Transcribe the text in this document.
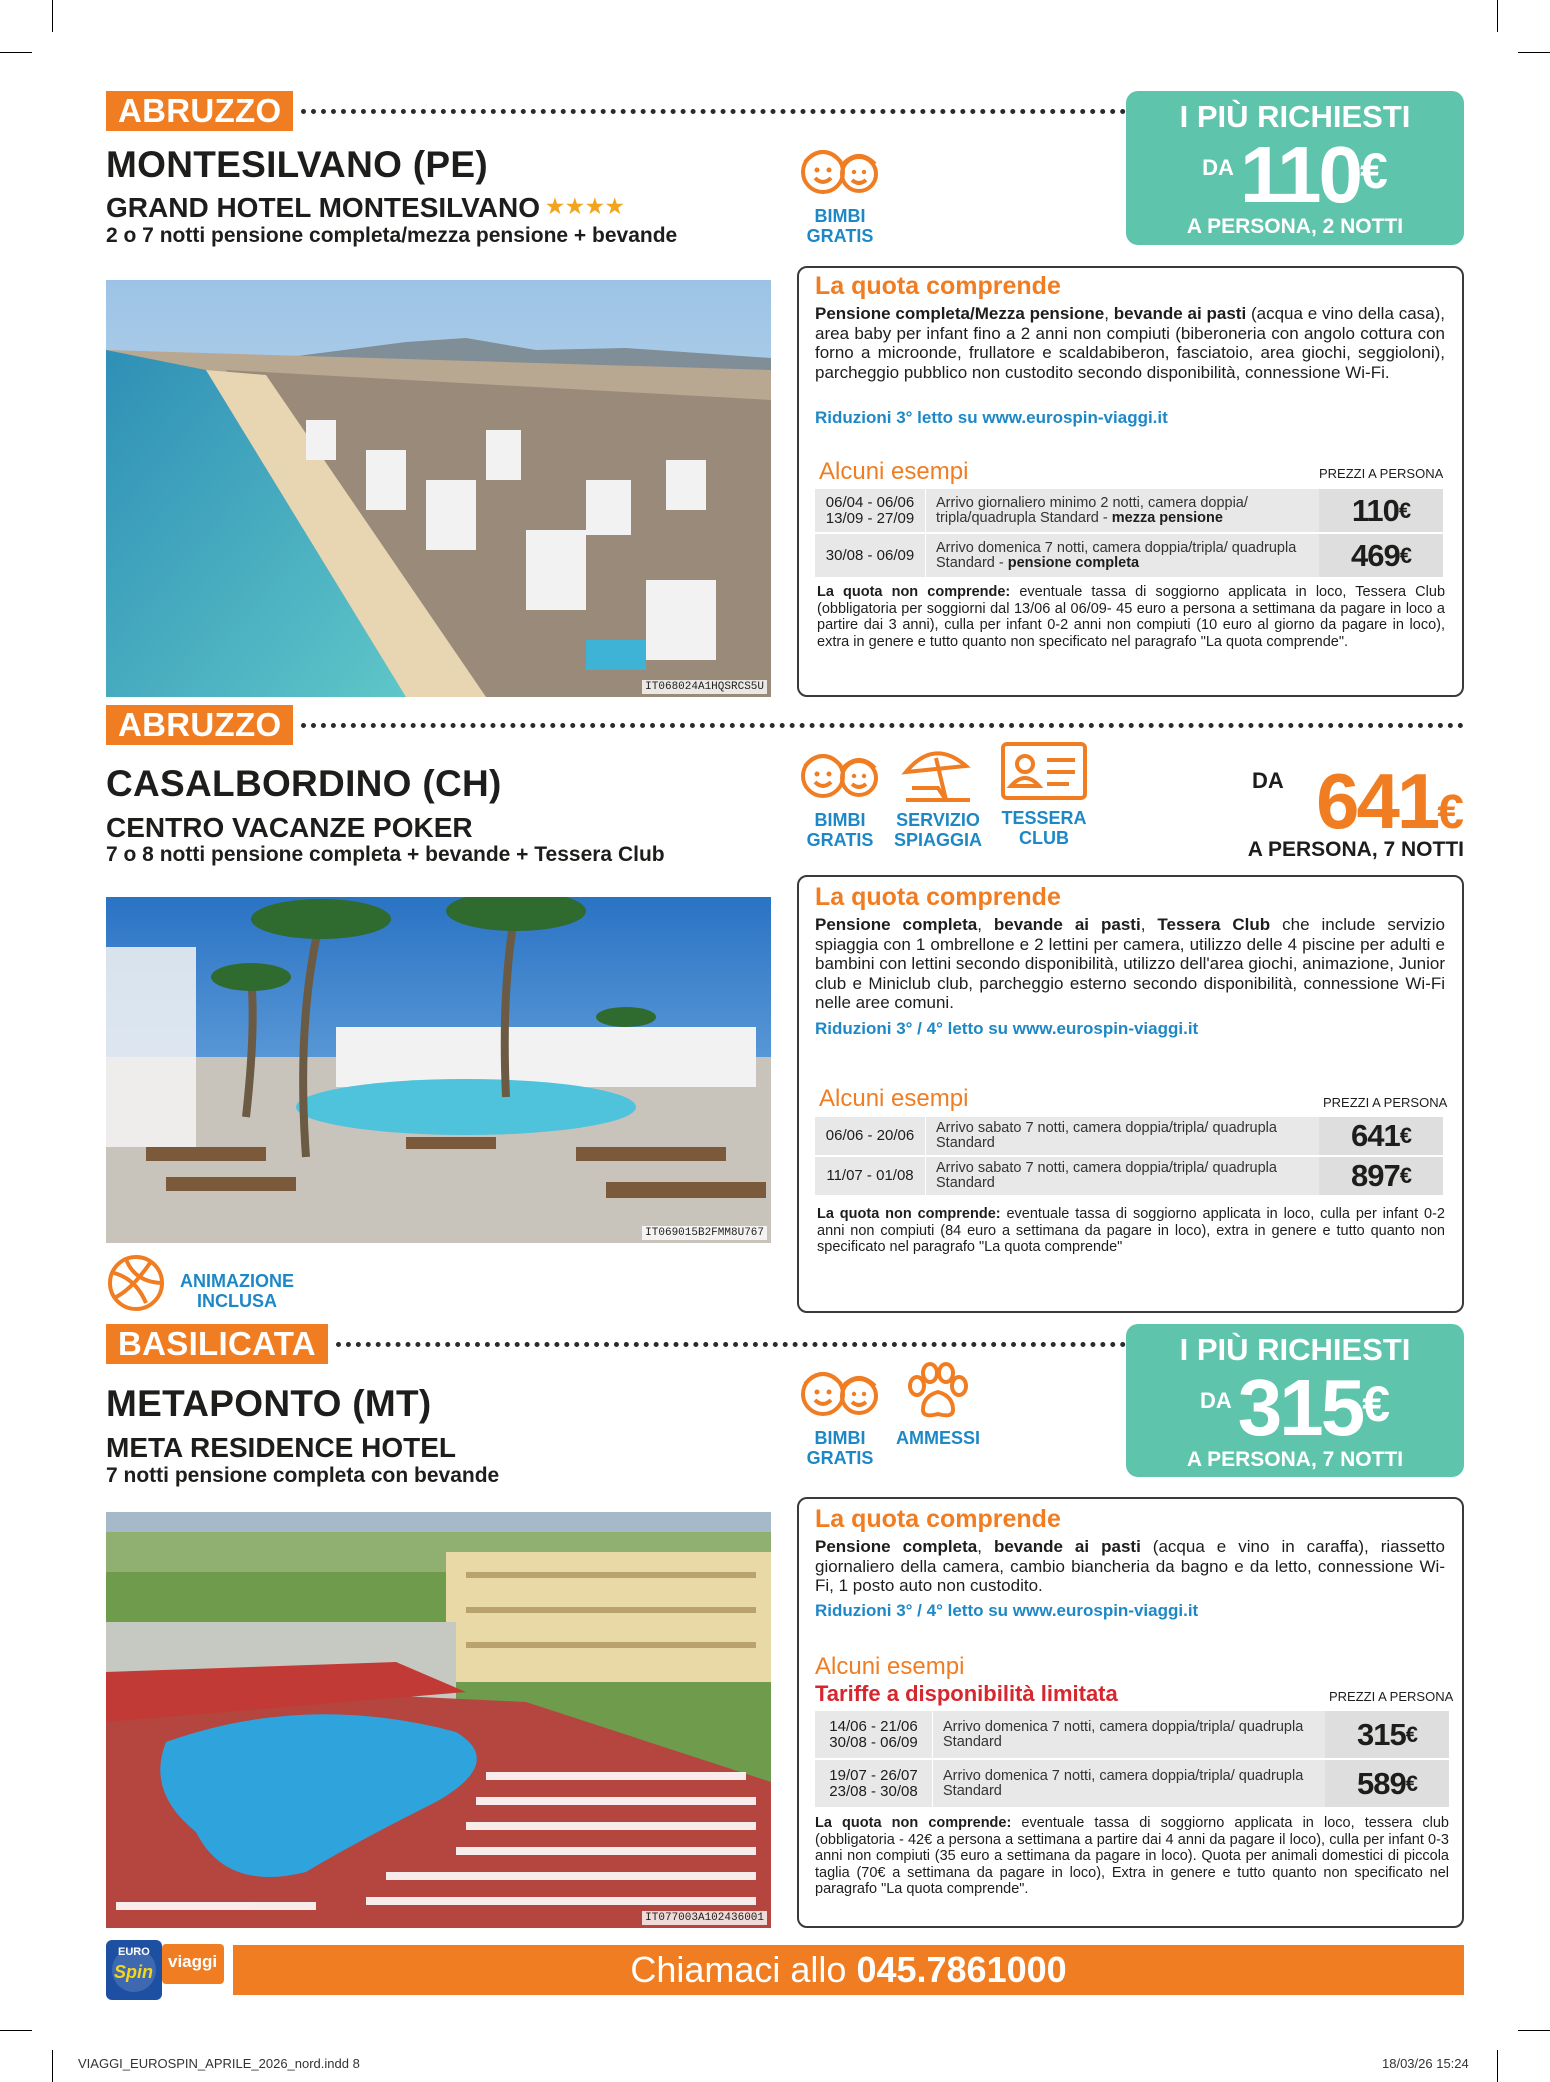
ABRUZZO
MONTESILVANO (PE)
GRAND HOTEL MONTESILVANO ★★★★
2 o 7 notti pensione completa/mezza pensione + bevande
BIMBI
GRATIS
I PIÙ RICHIESTI
DA 110 €
A PERSONA, 2 NOTTI
IT068024A1HQSRCS5U
La quota comprende
Pensione completa/Mezza pensione, bevande ai pasti (acqua e vino della casa), area baby per infant fino a 2 anni non compiuti (biberoneria con angolo cottura con forno a microonde, frullatore e scaldabiberon, fasciatoio, area giochi, seggioloni), parcheggio pubblico non custodito secondo disponibilità, connessione Wi-Fi.
Riduzioni 3° letto su www.eurospin-viaggi.it
Alcuni esempi	PREZZI A PERSONA
06/04 - 06/06
13/09 - 27/09
Arrivo giornaliero minimo 2 notti, camera doppia/ tripla/quadrupla Standard - mezza pensione	110 €
30/08 - 06/09 Arrivo domenica 7 notti, camera doppia/tripla/ quadrupla Standard - pensione completa	469 €
La quota non comprende: eventuale tassa di soggiorno applicata in loco, Tessera Club (obbligatoria per soggiorni dal 13/06 al 06/09- 45 euro a persona a settimana da pagare in loco a partire dai 3 anni), culla per infant 0-2 anni non compiuti (10 euro al giorno da pagare in loco), extra in genere e tutto quanto non specificato nel paragrafo "La quota comprende".
ABRUZZO
CASALBORDINO (CH)
CENTRO VACANZE POKER
7 o 8 notti pensione completa + bevande + Tessera Club
BIMBI
GRATIS
SERVIZIO
SPIAGGIA
TESSERA
CLUB
DA 641€
A PERSONA, 7 NOTTI
IT069015B2FMM8U767
ANIMAZIONE
INCLUSA
La quota comprende
Pensione completa, bevande ai pasti, Tessera Club che include servizio spiaggia con 1 ombrellone e 2 lettini per camera, utilizzo delle 4 piscine per adulti e bambini con lettini secondo disponibilità, utilizzo dell'area giochi, animazione, Junior club e Miniclub club, parcheggio esterno secondo disponibilità, connessione Wi-Fi nelle aree comuni.
Riduzioni 3° / 4° letto su www.eurospin-viaggi.it
Alcuni esempi	PREZZI A PERSONA
06/06 - 20/06 Arrivo sabato 7 notti, camera doppia/tripla/ quadrupla Standard	641 €
11/07 - 01/08 Arrivo sabato 7 notti, camera doppia/tripla/ quadrupla Standard	897 €
La quota non comprende: eventuale tassa di soggiorno applicata in loco, culla per infant 0-2 anni non compiuti (84 euro a settimana da pagare in loco), extra in genere e tutto quanto non specificato nel paragrafo "La quota comprende"
BASILICATA
METAPONTO (MT)
META RESIDENCE HOTEL
7 notti pensione completa con bevande
BIMBI
GRATIS
AMMESSI
I PIÙ RICHIESTI
DA 315 €
A PERSONA, 7 NOTTI
IT077003A102436001
La quota comprende
Pensione completa, bevande ai pasti (acqua e vino in caraffa), riassetto giornaliero della camera, cambio biancheria da bagno e da letto, connessione Wi-Fi, 1 posto auto non custodito.
Riduzioni 3° / 4° letto su www.eurospin-viaggi.it
Alcuni esempi
Tariffe a disponibilità limitata	PREZZI A PERSONA
14/06 - 21/06
30/08 - 06/09
Arrivo domenica 7 notti, camera doppia/tripla/ quadrupla Standard	315 €
19/07 - 26/07
23/08 - 30/08
Arrivo domenica 7 notti, camera doppia/tripla/ quadrupla Standard	589 €
La quota non comprende: eventuale tassa di soggiorno applicata in loco, tessera club (obbligatoria - 42€ a persona a settimana a partire dai 4 anni da pagare il loco), culla per infant 0-3 anni non compiuti (35 euro a settimana da pagare in loco). Quota per animali domestici di piccola taglia (70€ a settimana da pagare in loco), Extra in genere e tutto quanto non specificato nel paragrafo "La quota comprende".
EURO
Spin
viaggi	Chiamaci allo 045.7861000
VIAGGI_EUROSPIN_APRILE_2026_nord.indd 8	18/03/26 15:24
